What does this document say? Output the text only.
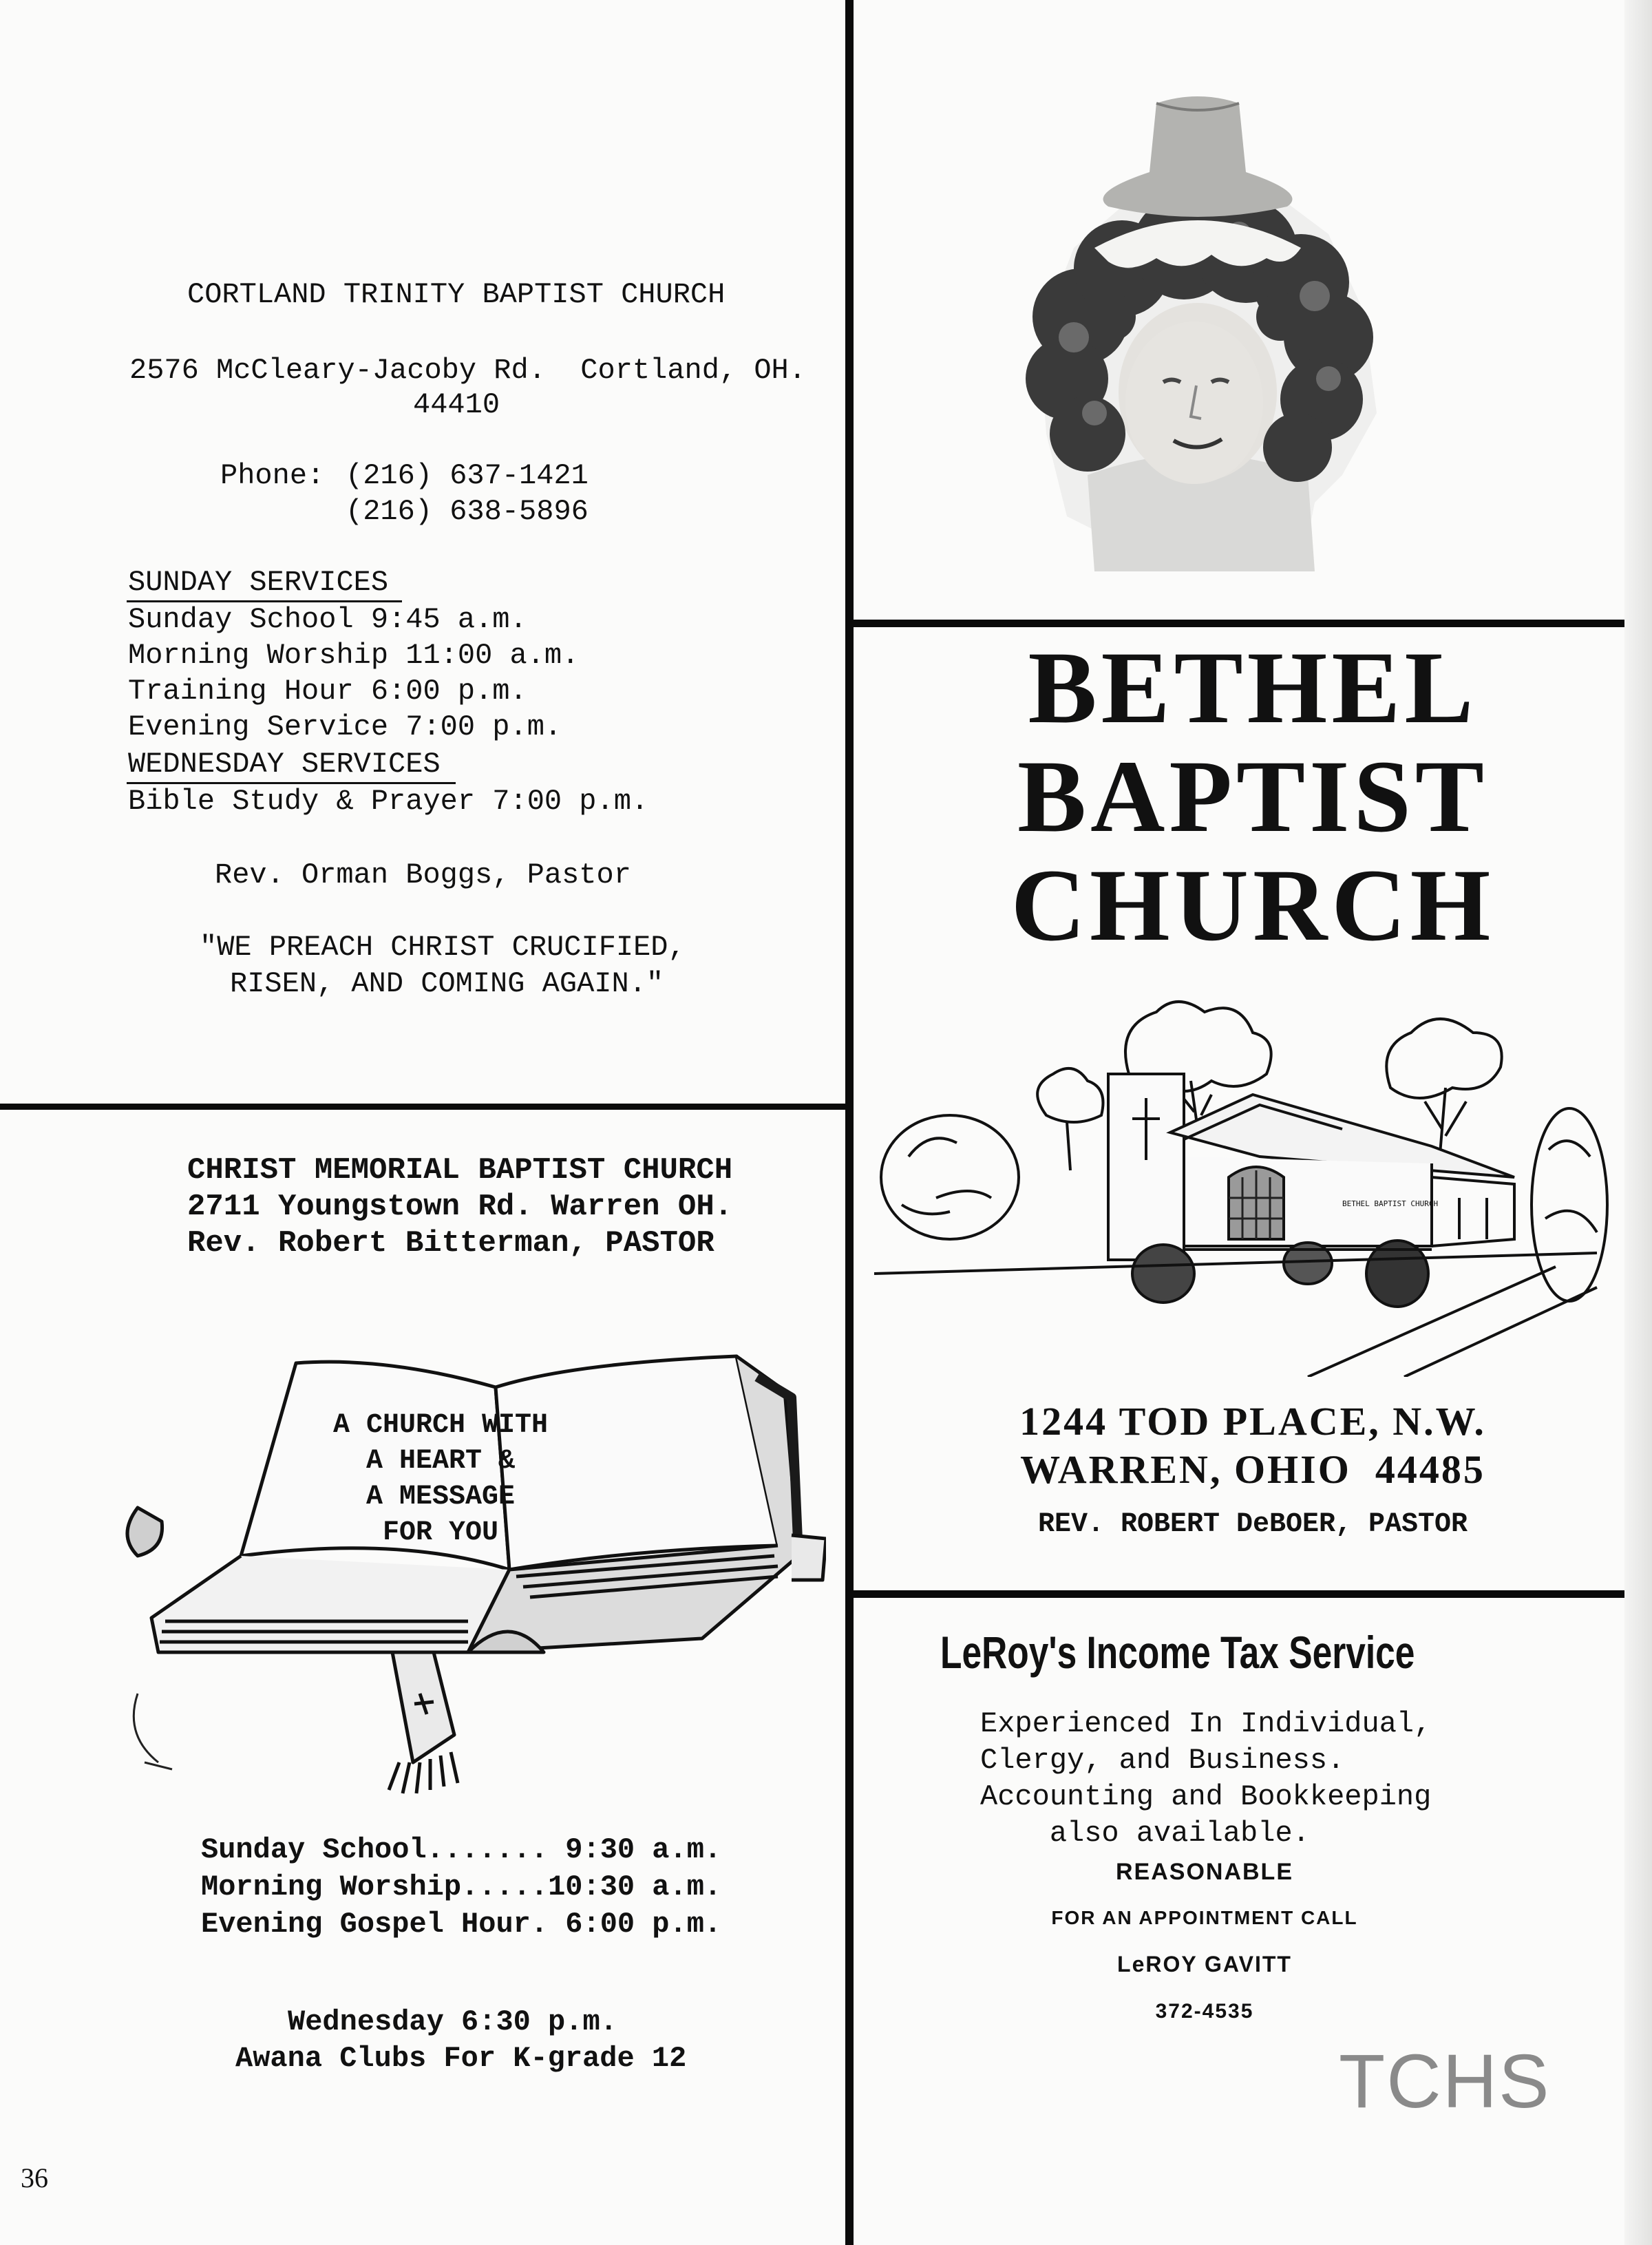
CORTLAND TRINITY BAPTIST CHURCH
2576 McCleary-Jacoby Rd.  Cortland, OH.
44410
Phone: (216) 637-1421
(216) 638-5896
SUNDAY SERVICES
Sunday School 9:45 a.m.
Morning Worship 11:00 a.m.
Training Hour 6:00 p.m.
Evening Service 7:00 p.m.
WEDNESDAY SERVICES
Bible Study & Prayer 7:00 p.m.
Rev. Orman Boggs, Pastor
"WE PREACH CHRIST CRUCIFIED,
RISEN, AND COMING AGAIN."
CHRIST MEMORIAL BAPTIST CHURCH
2711 Youngstown Rd. Warren OH.
Rev. Robert Bitterman, PASTOR
A CHURCH WITH
A HEART &
A MESSAGE
FOR YOU
Sunday School....... 9:30 a.m.
Morning Worship.....10:30 a.m.
Evening Gospel Hour. 6:00 p.m.
Wednesday 6:30 p.m.
Awana Clubs For K-grade 12
BETHEL
BAPTIST
CHURCH
BETHEL BAPTIST CHURCH
1244 TOD PLACE, N.W.
WARREN, OHIO  44485
REV. ROBERT DeBOER, PASTOR
LeRoy's Income Tax Service
Experienced In Individual,
Clergy, and Business.
Accounting and Bookkeeping
also available.
REASONABLE
FOR AN APPOINTMENT CALL
LeROY GAVITT
372-4535
TCHS
36
